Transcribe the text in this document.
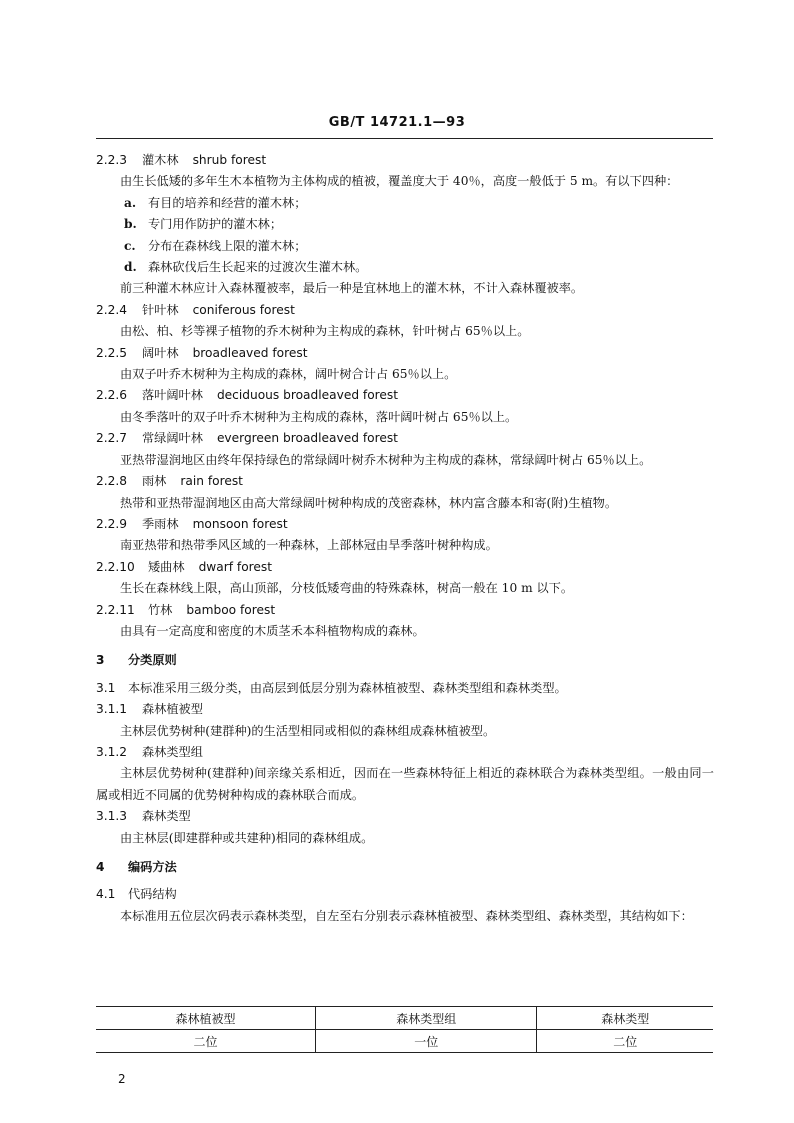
GB/T 14721.1—93
2.2.3 灌木林 shrub forest
由生长低矮的多年生木本植物为主体构成的植被，覆盖度大于 40％，高度一般低于 5 m。有以下四种：
a. 有目的培养和经营的灌木林；
b. 专门用作防护的灌木林；
c. 分布在森林线上限的灌木林；
d. 森林砍伐后生长起来的过渡次生灌木林。
前三种灌木林应计入森林覆被率，最后一种是宜林地上的灌木林，不计入森林覆被率。
2.2.4 针叶林 coniferous forest
由松、柏、杉等裸子植物的乔木树种为主构成的森林，针叶树占 65％以上。
2.2.5 阔叶林 broadleaved forest
由双子叶乔木树种为主构成的森林，阔叶树合计占 65％以上。
2.2.6 落叶阔叶林 deciduous broadleaved forest
由冬季落叶的双子叶乔木树种为主构成的森林，落叶阔叶树占 65％以上。
2.2.7 常绿阔叶林 evergreen broadleaved forest
亚热带湿润地区由终年保持绿色的常绿阔叶树乔木树种为主构成的森林，常绿阔叶树占 65％以上。
2.2.8 雨林 rain forest
热带和亚热带湿润地区由高大常绿阔叶树种构成的茂密森林，林内富含藤本和寄(附)生植物。
2.2.9 季雨林 monsoon forest
南亚热带和热带季风区域的一种森林，上部林冠由旱季落叶树种构成。
2.2.10 矮曲林 dwarf forest
生长在森林线上限，高山顶部，分枝低矮弯曲的特殊森林，树高一般在 10 m 以下。
2.2.11 竹林 bamboo forest
由具有一定高度和密度的木质茎禾本科植物构成的森林。
3 分类原则
3.1 本标准采用三级分类，由高层到低层分别为森林植被型、森林类型组和森林类型。
3.1.1 森林植被型
主林层优势树种(建群种)的生活型相同或相似的森林组成森林植被型。
3.1.2 森林类型组
主林层优势树种(建群种)间亲缘关系相近，因而在一些森林特征上相近的森林联合为森林类型组。一般由同一属或相近不同属的优势树种构成的森林联合而成。
3.1.3 森林类型
由主林层(即建群种或共建种)相同的森林组成。
4 编码方法
4.1 代码结构
本标准用五位层次码表示森林类型，自左至右分别表示森林植被型、森林类型组、森林类型，其结构如下：
森林植被型	森林类型组	森林类型
二位	一位	二位
2
